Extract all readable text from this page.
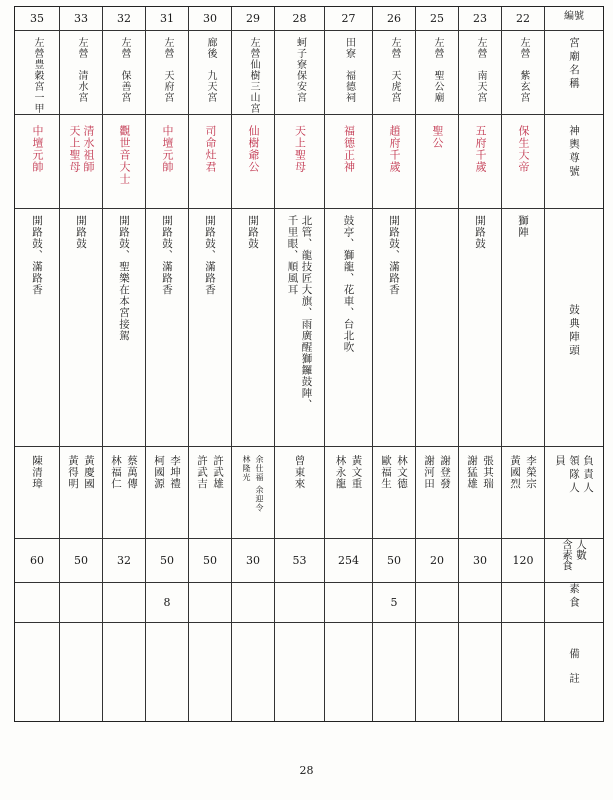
35
左營豊穀宮一甲
中壇元帥
開路鼓、滿路香
陳清璋
60
33
左營　清水宮
清水祖師天上聖母
開路鼓
黃慶國
黃得明
50
32
左營　保善宮
觀世音大士
開路鼓、聖樂在本宮接駕
蔡萬傳
林福仁
32
31
左營　天府宮
中壇元帥
開路鼓、滿路香
李坤禮
柯國源
50
8
30
廊後　九天宮
司命灶君
開路鼓、滿路香
許武雄
許武吉
50
29
左營仙樹三山宮
仙樹爺公
開路鼓
余仕福 余迎令
林隆光
30
28
蚵子寮保安宮
天上聖母
北管、龍技匠大旗、雨廣醒獅鑼鼓陣、
千里眼、順風耳
曾東來
53
27
田寮　福德祠
福德正神
鼓亭、獅龍、花車、台北吹
黃文重
林永龍
254
26
左營　天虎宮
趙府千歲
開路鼓、滿路香
林文德
歐福生
50
5
25
左營　聖公廟
聖公
謝登發
謝河田
20
23
左營　南天宮
五府千歲
開路鼓
張其瑞
謝猛雄
30
22
左營　紫玄宮
保生大帝
獅陣
李榮宗
黃國烈
120
編號
宮廟名稱
神輿尊號
鼓典陣頭
負責人 領隊人員
人數 含素食
素食
備註
28
